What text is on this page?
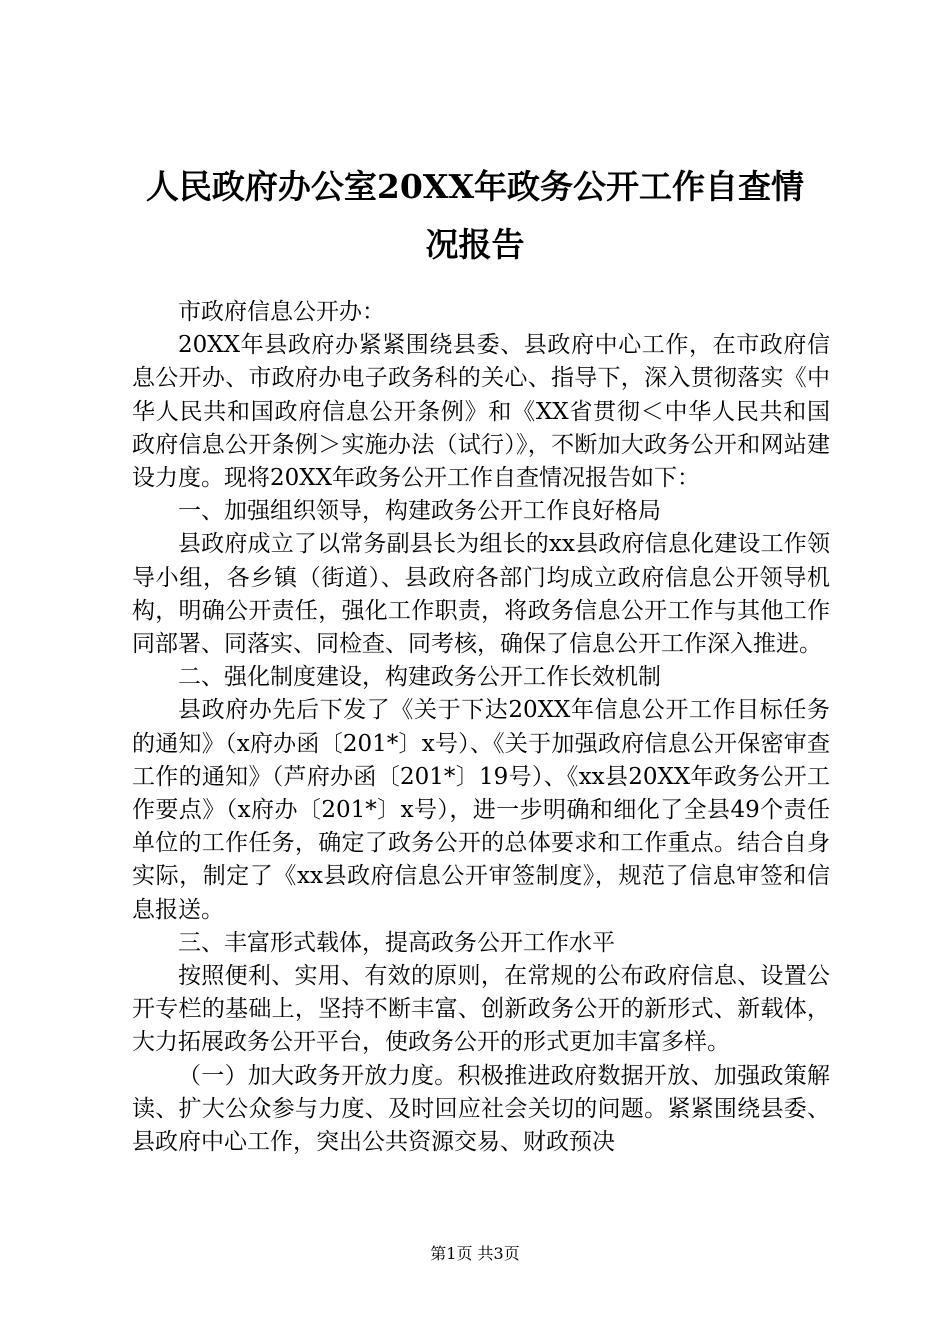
人民政府办公室20XX年政务公开工作自查情
况报告

市政府信息公开办：

20XX年县政府办紧紧围绕县委、县政府中心工作，在市政府信息公开办、市政府办电子政务科的关心、指导下，深入贯彻落实《中华人民共和国政府信息公开条例》和《XX省贯彻＜中华人民共和国政府信息公开条例＞实施办法（试行）》，不断加大政务公开和网站建设力度。现将20XX年政务公开工作自查情况报告如下：

一、加强组织领导，构建政务公开工作良好格局

县政府成立了以常务副县长为组长的xx县政府信息化建设工作领导小组，各乡镇（街道）、县政府各部门均成立政府信息公开领导机构，明确公开责任，强化工作职责，将政务信息公开工作与其他工作同部署、同落实、同检查、同考核，确保了信息公开工作深入推进。

二、强化制度建设，构建政务公开工作长效机制

县政府办先后下发了《关于下达20XX年信息公开工作目标任务的通知》（x府办函〔201*〕x号）、《关于加强政府信息公开保密审查工作的通知》（芦府办函〔201*〕19号）、《xx县20XX年政务公开工作要点》（x府办〔201*〕x号），进一步明确和细化了全县49个责任单位的工作任务，确定了政务公开的总体要求和工作重点。结合自身实际，制定了《xx县政府信息公开审签制度》，规范了信息审签和信息报送。

三、丰富形式载体，提高政务公开工作水平

按照便利、实用、有效的原则，在常规的公布政府信息、设置公开专栏的基础上，坚持不断丰富、创新政务公开的新形式、新载体，大力拓展政务公开平台，使政务公开的形式更加丰富多样。

（一）加大政务开放力度。积极推进政府数据开放、加强政策解读、扩大公众参与力度、及时回应社会关切的问题。紧紧围绕县委、县政府中心工作，突出公共资源交易、财政预决

第1页 共3页
